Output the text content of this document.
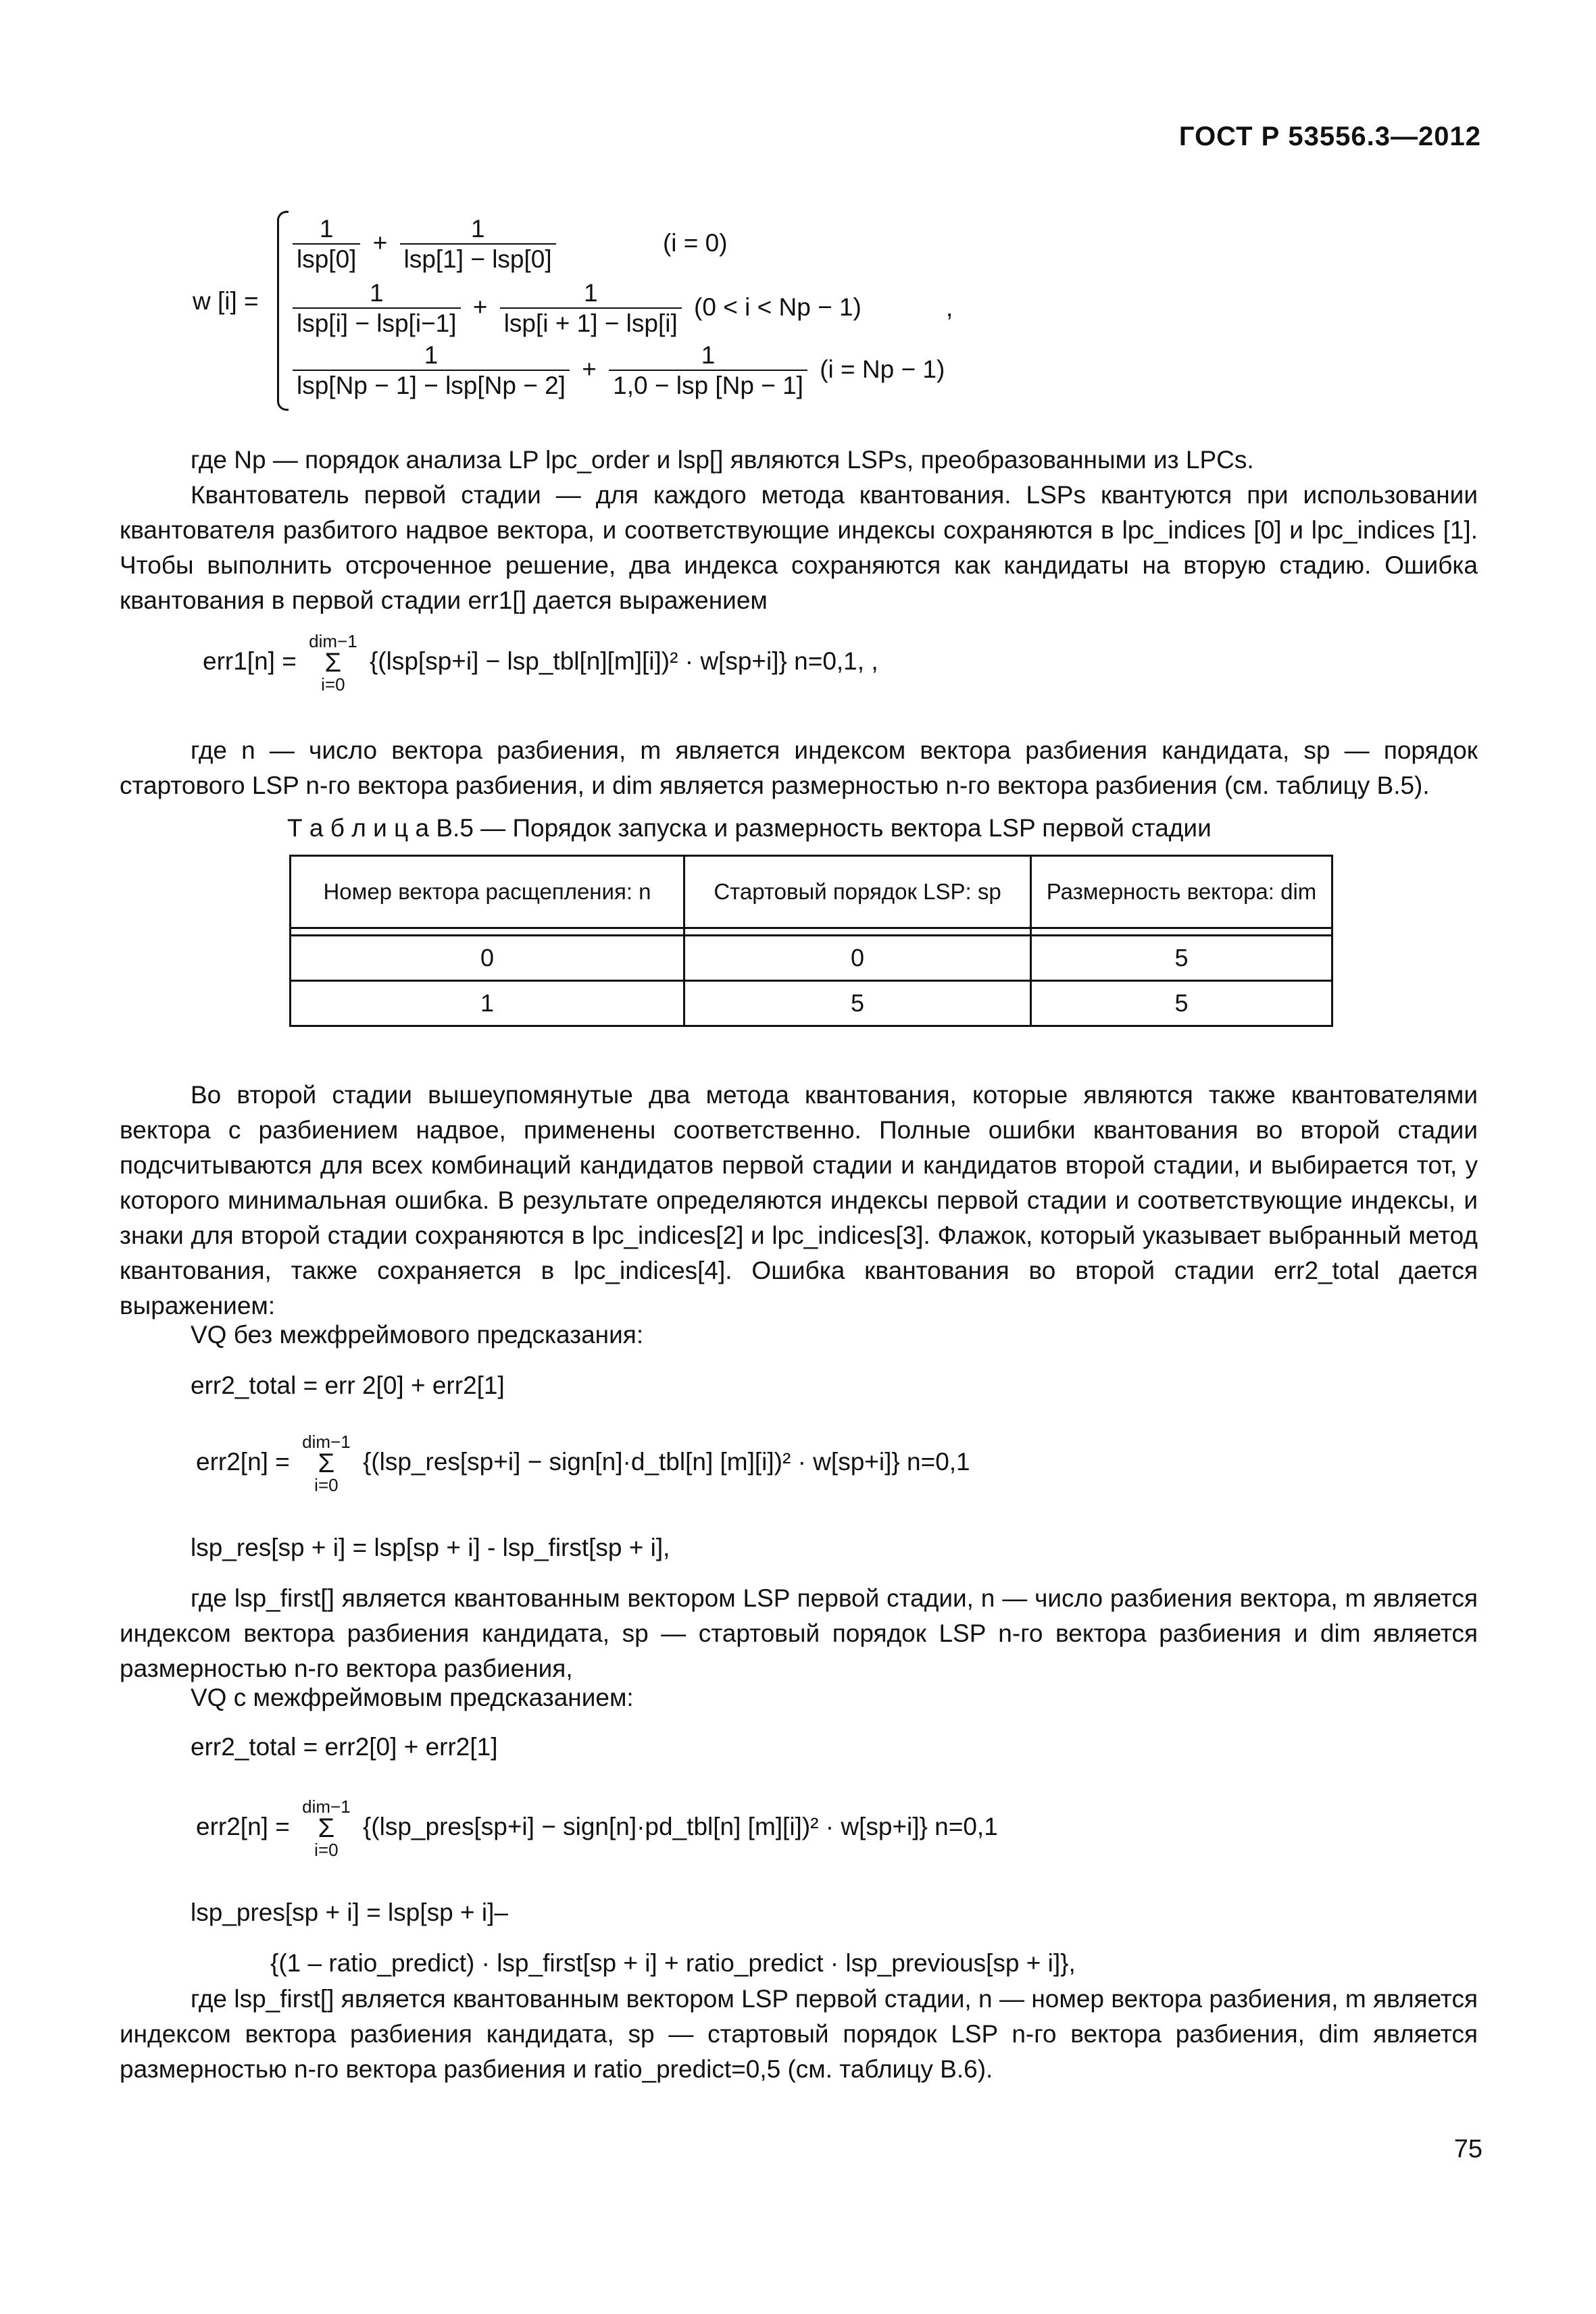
ГОСТ Р 53556.3—2012
w [i] =
$\frac{1}{\text{lsp[0]}} + \frac{1}{\text{lsp[1] − lsp[0]}}$	(i = 0)
$\frac{1}{\text{lsp[i] − lsp[i−1]}} + \frac{1}{\text{lsp[i + 1] − lsp[i]}} (0 < i < Np - 1)$	,
$\frac{1}{\text{lsp[Np − 1] − lsp[Np − 2]}} + \frac{1}{\text{1,0 − lsp [Np − 1]}} (i = Np - 1)$
где Np — порядок анализа LP lpc_order и lsp[] являются LSPs, преобразованными из LPCs.
Квантователь первой стадии — для каждого метода квантования. LSPs квантуются при использовании квантователя разбитого надвое вектора, и соответствующие индексы сохраняются в lpc_indices [0] и lpc_indices [1]. Чтобы выполнить отсроченное решение, два индекса сохраняются как кандидаты на вторую стадию. Ошибка квантования в первой стадии err1[] дается выражением
err1[n] =
dim−1
Σ
i=0
{(lsp[sp+i] − lsp_tbl[n][m][i])² · w[sp+i]} n=0,1, ,
где n — число вектора разбиения, m является индексом вектора разбиения кандидата, sp — порядок стартового LSP n-го вектора разбиения, и dim является размерностью n-го вектора разбиения (см. таблицу В.5).
Т а б л и ц а В.5 — Порядок запуска и размерность вектора LSP первой стадии
Номер вектора расщепления: n	Стартовый порядок LSP: sp	Размерность вектора: dim

0	0	5
1	5	5
Во второй стадии вышеупомянутые два метода квантования, которые являются также квантователями вектора с разбиением надвое, применены соответственно. Полные ошибки квантования во второй стадии подсчитываются для всех комбинаций кандидатов первой стадии и кандидатов второй стадии, и выбирается тот, у которого минимальная ошибка. В результате определяются индексы первой стадии и соответствующие индексы, и знаки для второй стадии сохраняются в lpc_indices[2] и lpc_indices[3]. Флажок, который указывает выбранный метод квантования, также сохраняется в lpc_indices[4]. Ошибка квантования во второй стадии err2_total дается выражением:
VQ без межфреймового предсказания:
err2_total = err 2[0] + err2[1]
err2[n] =
dim−1
Σ
i=0
{(lsp_res[sp+i] − sign[n]·d_tbl[n] [m][i])² · w[sp+i]} n=0,1
lsp_res[sp + i] = lsp[sp + i] - lsp_first[sp + i],
где lsp_first[] является квантованным вектором LSP первой стадии, n — число разбиения вектора, m является индексом вектора разбиения кандидата, sp — стартовый порядок LSP n-го вектора разбиения и dim является размерностью n-го вектора разбиения,
VQ с межфреймовым предсказанием:
err2_total = err2[0] + err2[1]
err2[n] =
dim−1
Σ
i=0
{(lsp_pres[sp+i] − sign[n]·pd_tbl[n] [m][i])² · w[sp+i]} n=0,1
lsp_pres[sp + i] = lsp[sp + i]–
{(1 – ratio_predict) · lsp_first[sp + i] + ratio_predict · lsp_previous[sp + i]},
где lsp_first[] является квантованным вектором LSP первой стадии, n — номер вектора разбиения, m является индексом вектора разбиения кандидата, sp — стартовый порядок LSP n-го вектора разбиения, dim является размерностью n-го вектора разбиения и ratio_predict=0,5 (см. таблицу В.6).
75
